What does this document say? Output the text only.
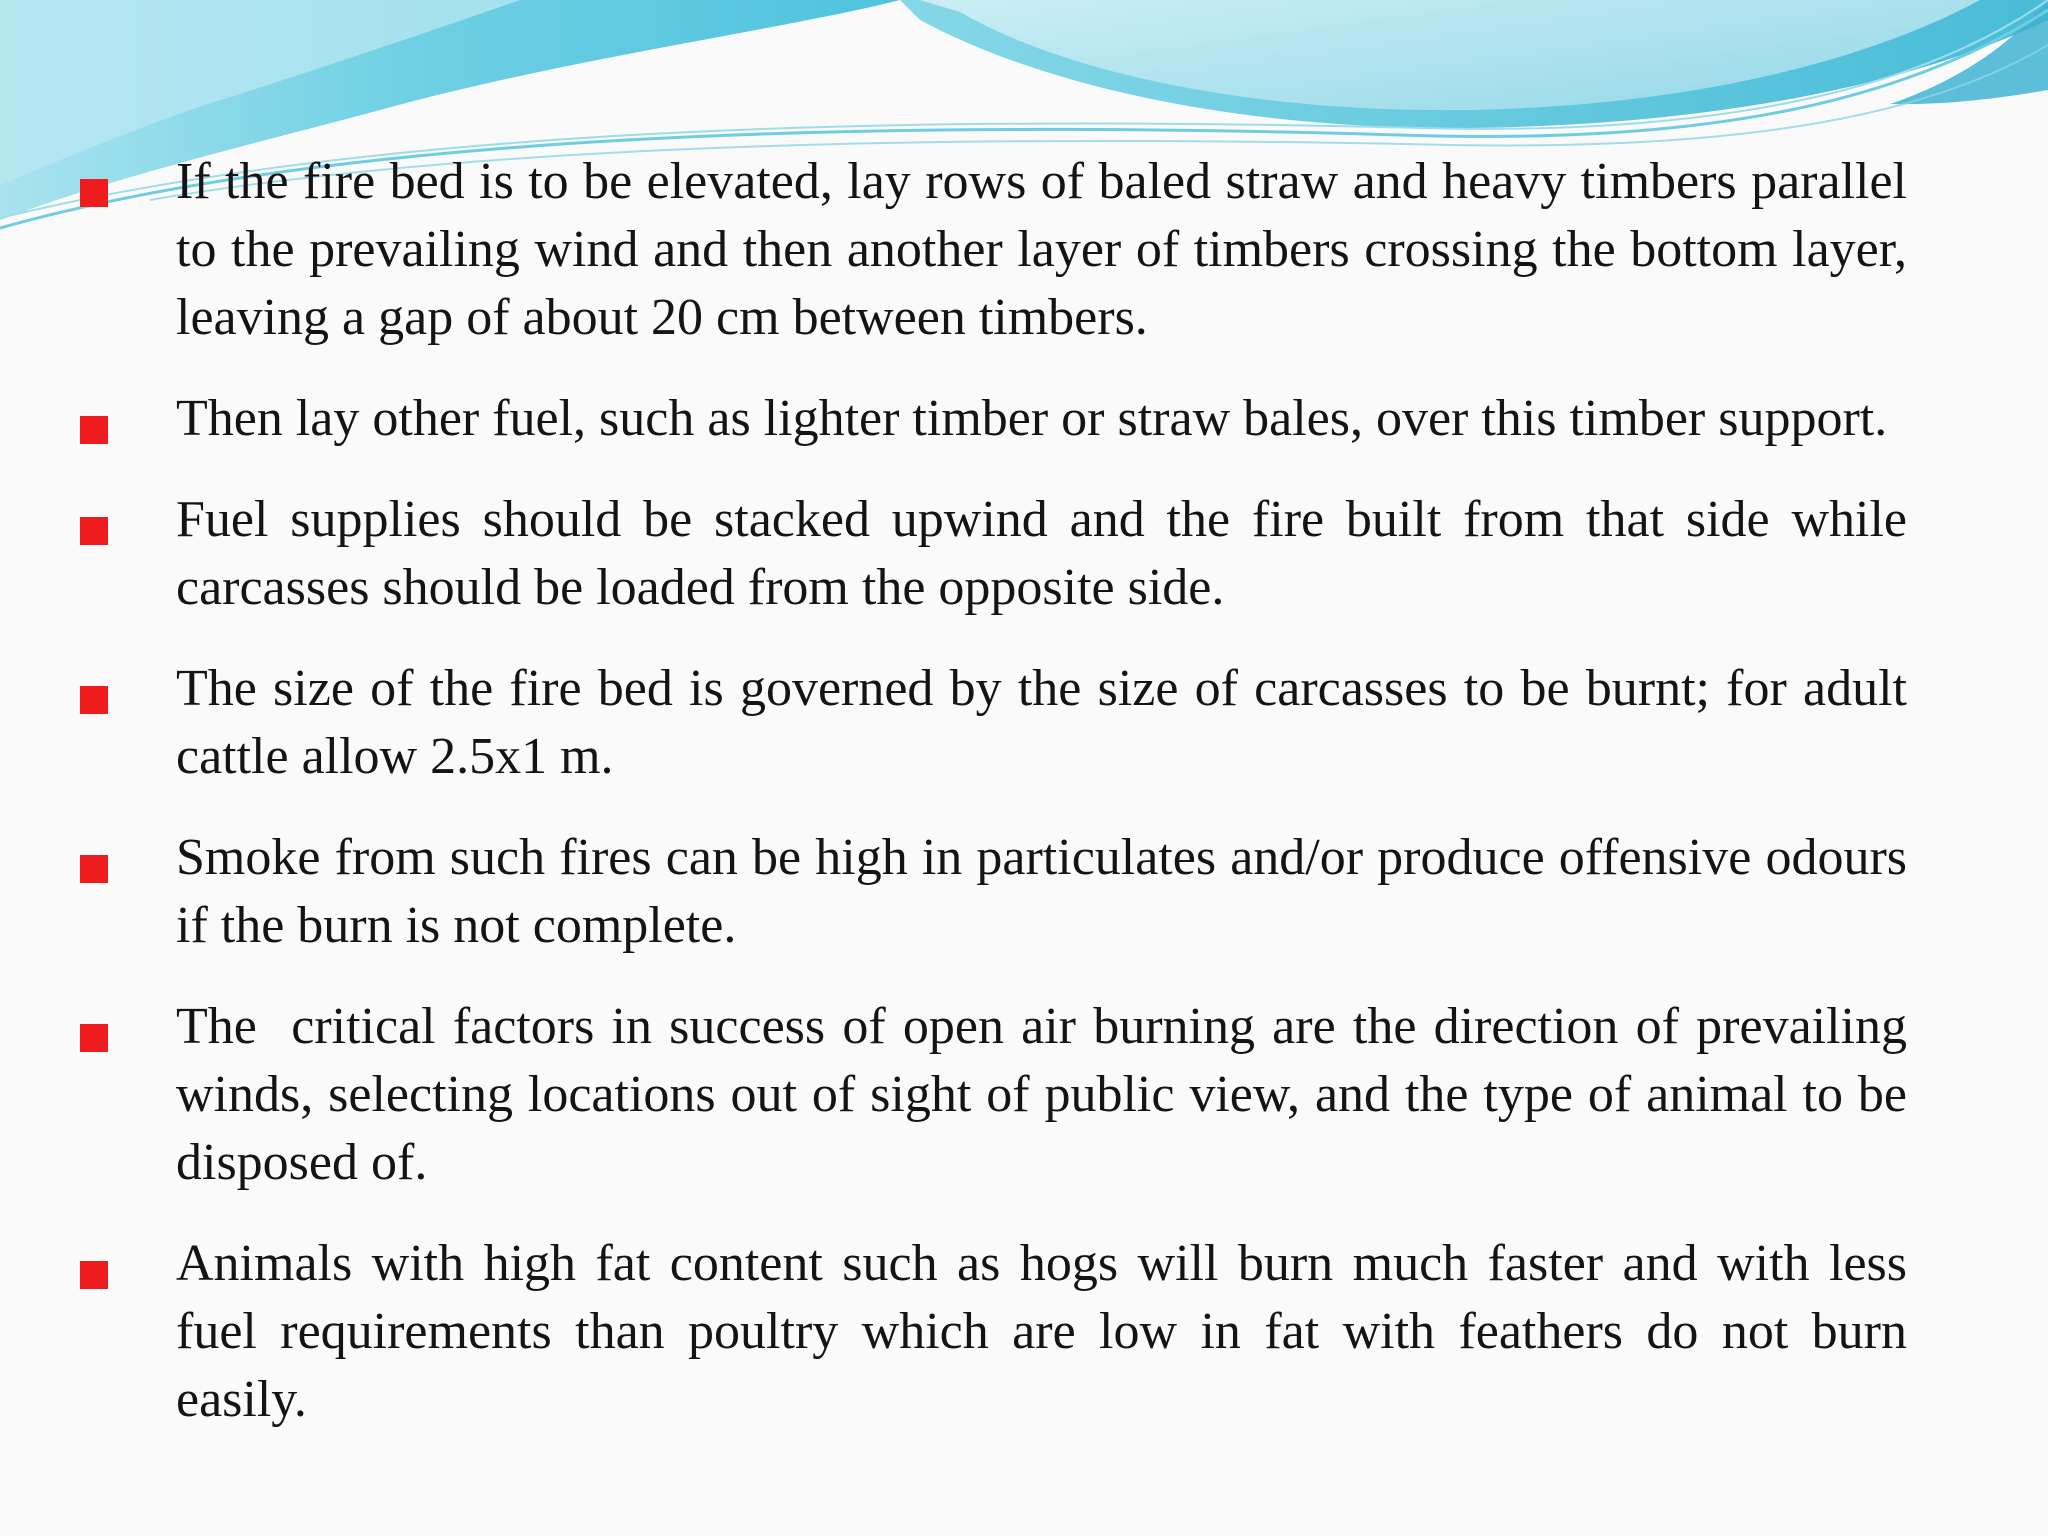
If the fire bed is to be elevated, lay rows of baled straw and heavy timbers parallel to the prevailing wind and then another layer of timbers crossing the bottom layer, leaving a gap of about 20 cm between timbers.
Then lay other fuel, such as lighter timber or straw bales, over this timber support.
Fuel supplies should be stacked upwind and the fire built from that side while carcasses should be loaded from the opposite side.
The size of the fire bed is governed by the size of carcasses to be burnt; for adult cattle allow 2.5x1 m.
Smoke from such fires can be high in particulates and/or produce offensive odours if the burn is not complete.
The  critical factors in success of open air burning are the direction of prevailing winds, selecting locations out of sight of public view, and the type of animal to be disposed of.
Animals with high fat content such as hogs will burn much faster and with less fuel requirements than poultry which are low in fat with feathers do not burn easily.
